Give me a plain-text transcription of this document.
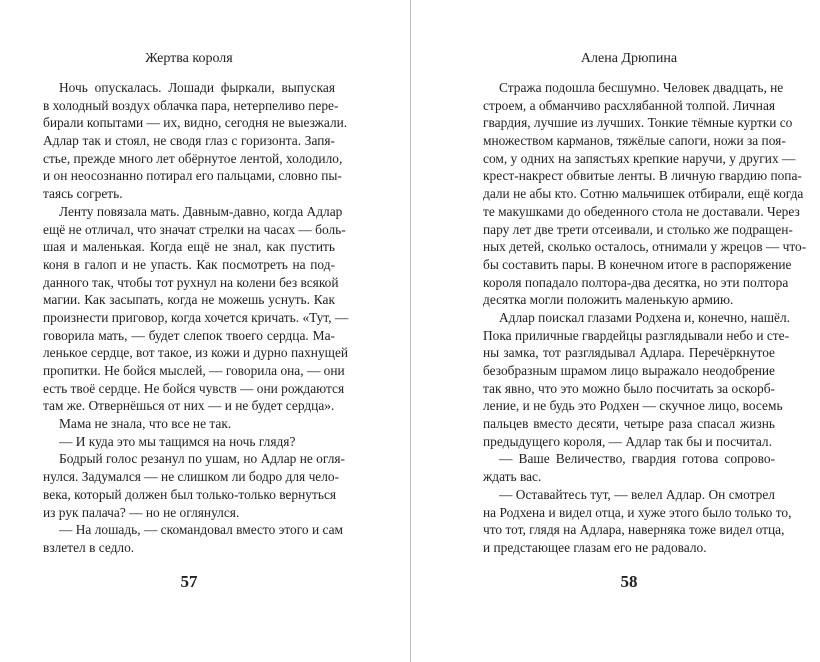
Жертва короля
Ночь опускалась. Лошади фыркали, выпуская
в холодный воздух облачка пара, нетерпеливо пере-
бирали копытами — их, видно, сегодня не выезжали.
Адлар так и стоял, не сводя глаз с горизонта. Запя-
стье, прежде много лет обёрнутое лентой, холодило,
и он неосознанно потирал его пальцами, словно пы-
таясь согреть.
Ленту повязала мать. Давным-давно, когда Адлар
ещё не отличал, что значат стрелки на часах — боль-
шая и маленькая. Когда ещё не знал, как пустить
коня в галоп и не упасть. Как посмотреть на под-
данного так, чтобы тот рухнул на колени без всякой
магии. Как засыпать, когда не можешь уснуть. Как
произнести приговор, когда хочется кричать. «Тут, —
говорила мать, — будет слепок твоего сердца. Ма-
ленькое сердце, вот такое, из кожи и дурно пахнущей
пропитки. Не бойся мыслей, — говорила она, — они
есть твоё сердце. Не бойся чувств — они рождаются
там же. Отвернёшься от них — и не будет сердца».
Мама не знала, что все не так.
— И куда это мы тащимся на ночь глядя?
Бодрый голос резанул по ушам, но Адлар не огля-
нулся. Задумался — не слишком ли бодро для чело-
века, который должен был только-только вернуться
из рук палача? — но не оглянулся.
— На лошадь, — скомандовал вместо этого и сам
взлетел в седло.
57
Алена Дрюпина
Стража подошла бесшумно. Человек двадцать, не
строем, а обманчиво расхлябанной толпой. Личная
гвардия, лучшие из лучших. Тонкие тёмные куртки со
множеством карманов, тяжёлые сапоги, ножи за поя-
сом, у одних на запястьях крепкие наручи, у других —
крест-накрест обвитые ленты. В личную гвардию попа-
дали не абы кто. Сотню мальчишек отбирали, ещё когда
те макушками до обеденного стола не доставали. Через
пару лет две трети отсеивали, и столько же подращен-
ных детей, сколько осталось, отнимали у жрецов — что-
бы составить пары. В конечном итоге в распоряжение
короля попадало полтора-два десятка, но эти полтора
десятка могли положить маленькую армию.
Адлар поискал глазами Родхена и, конечно, нашёл.
Пока приличные гвардейцы разглядывали небо и сте-
ны замка, тот разглядывал Адлара. Перечёркнутое
безобразным шрамом лицо выражало неодобрение
так явно, что это можно было посчитать за оскорб-
ление, и не будь это Родхен — скучное лицо, восемь
пальцев вместо десяти, четыре раза спасал жизнь
предыдущего короля, — Адлар так бы и посчитал.
— Ваше Величество, гвардия готова сопрово-
ждать вас.
— Оставайтесь тут, — велел Адлар. Он смотрел
на Родхена и видел отца, и хуже этого было только то,
что тот, глядя на Адлара, наверняка тоже видел отца,
и предстающее глазам его не радовало.
58
